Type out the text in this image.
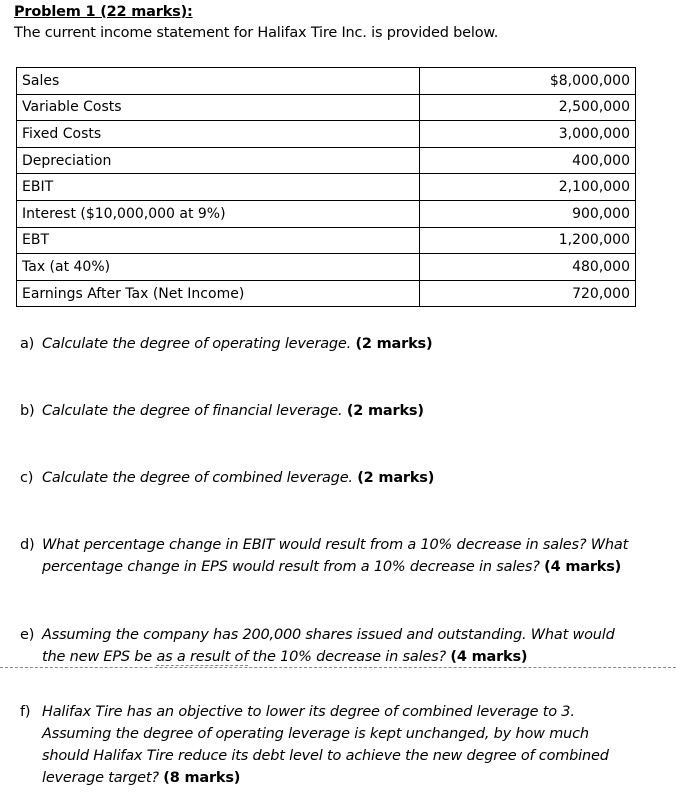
Problem 1 (22 marks):
The current income statement for Halifax Tire Inc. is provided below.
Sales	$8,000,000
Variable Costs	2,500,000
Fixed Costs	3,000,000
Depreciation	400,000
EBIT	2,100,000
Interest ($10,000,000 at 9%)	900,000
EBT	1,200,000
Tax (at 40%)	480,000
Earnings After Tax (Net Income)	720,000
a) Calculate the degree of operating leverage. (2 marks)
b) Calculate the degree of financial leverage. (2 marks)
c) Calculate the degree of combined leverage. (2 marks)
d) What percentage change in EBIT would result from a 10% decrease in sales? What percentage change in EPS would result from a 10% decrease in sales? (4 marks)
e) Assuming the company has 200,000 shares issued and outstanding. What would the new EPS be as a result of the 10% decrease in sales? (4 marks)
f) Halifax Tire has an objective to lower its degree of combined leverage to 3. Assuming the degree of operating leverage is kept unchanged, by how much should Halifax Tire reduce its debt level to achieve the new degree of combined leverage target? (8 marks)
